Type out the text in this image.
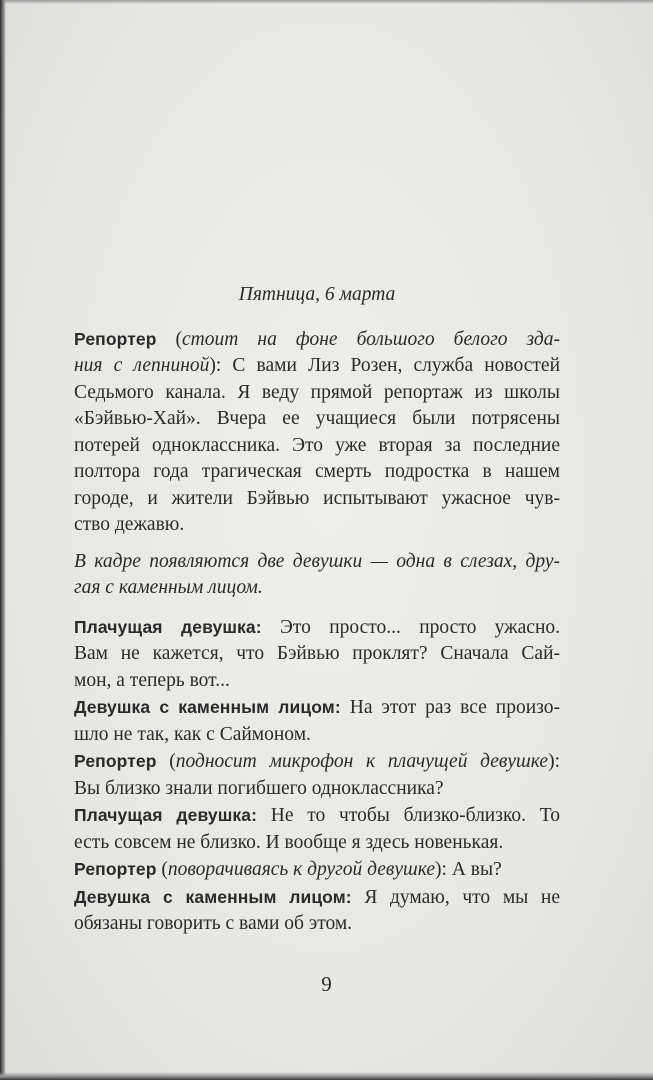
Пятница, 6 марта
Репортер (стоит на фоне большого белого зда-
ния с лепниной): С вами Лиз Розен, служба новостей
Седьмого канала. Я веду прямой репортаж из школы
«Бэйвью-Хай». Вчера ее учащиеся были потрясены
потерей одноклассника. Это уже вторая за последние
полтора года трагическая смерть подростка в нашем
городе, и жители Бэйвью испытывают ужасное чув-
ство дежавю.
В кадре появляются две девушки — одна в слезах, дру-
гая с каменным лицом.
Плачущая девушка: Это просто... просто ужасно.
Вам не кажется, что Бэйвью проклят? Сначала Сай-
мон, а теперь вот...
Девушка с каменным лицом: На этот раз все произо-
шло не так, как с Саймоном.
Репортер (подносит микрофон к плачущей девушке):
Вы близко знали погибшего одноклассника?
Плачущая девушка: Не то чтобы близко-близко. То
есть совсем не близко. И вообще я здесь новенькая.
Репортер (поворачиваясь к другой девушке): А вы?
Девушка с каменным лицом: Я думаю, что мы не
обязаны говорить с вами об этом.
9
